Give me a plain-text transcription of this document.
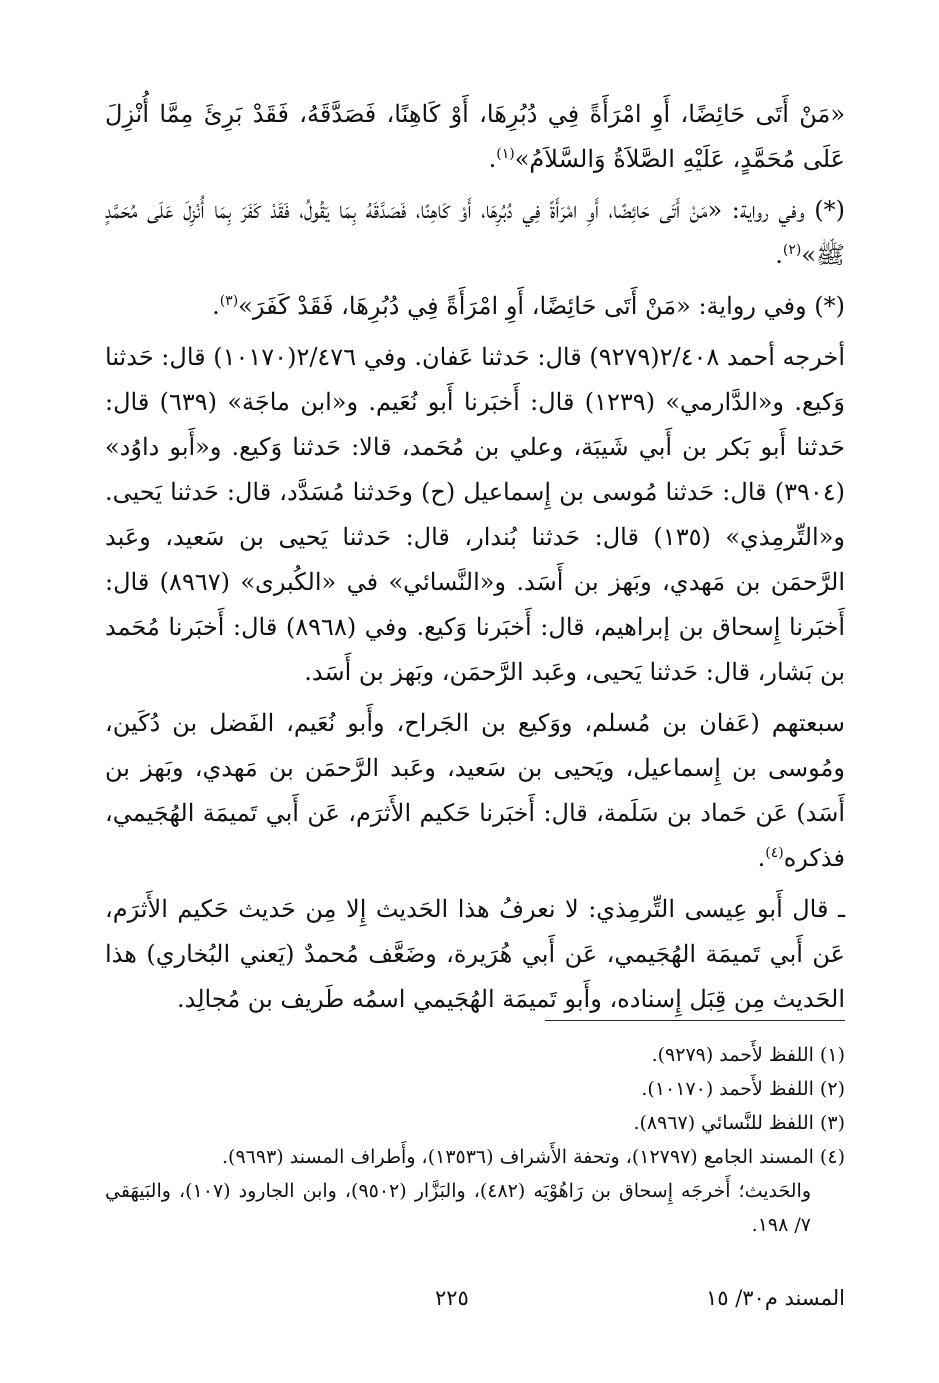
«مَنْ أَتَى حَائِضًا، أَوِ امْرَأَةً فِي دُبُرِهَا، أَوْ كَاهِنًا، فَصَدَّقَهُ، فَقَدْ بَرِئَ مِمَّا أُنْزِلَ عَلَى مُحَمَّدٍ، عَلَيْهِ الصَّلاَةُ وَالسَّلاَمُ»$^{(١)}$.

(*) وفي رواية: «مَنْ أَتَى حَائِضًا، أَوِ امْرَأَةً فِي دُبُرِهَا، أَوْ كَاهِنًا، فَصَدَّقَهُ بِمَا يَقُولُ، فَقَدْ كَفَرَ بِمَا أُنْزِلَ عَلَى مُحَمَّدٍ ﷺ»$^{(٢)}$.

(*) وفي رواية: «مَنْ أَتَى حَائِضًا، أَوِ امْرَأَةً فِي دُبُرِهَا، فَقَدْ كَفَرَ»$^{(٣)}$.

أخرجه أحمد ٢/٤٠٨(٩٢٧٩) قال: حَدثنا عَفان. وفي ٢/٤٧٦(١٠١٧٠) قال: حَدثنا وَكيع. و«الدَّارمي» (١٢٣٩) قال: أَخبَرنا أَبو نُعَيم. و«ابن ماجَة» (٦٣٩) قال: حَدثنا أَبو بَكر بن أَبي شَيبَة، وعلي بن مُحَمد، قالا: حَدثنا وَكيع. و«أَبو داوُد» (٣٩٠٤) قال: حَدثنا مُوسى بن إِسماعيل (ح) وحَدثنا مُسَدَّد، قال: حَدثنا يَحيى. و«التِّرمِذي» (١٣٥) قال: حَدثنا بُندار، قال: حَدثنا يَحيى بن سَعيد، وعَبد الرَّحمَن بن مَهدي، وبَهز بن أَسَد. و«النَّسائي» في «الكُبرى» (٨٩٦٧) قال: أَخبَرنا إِسحاق بن إبراهيم، قال: أَخبَرنا وَكيع. وفي (٨٩٦٨) قال: أَخبَرنا مُحَمد بن بَشار، قال: حَدثنا يَحيى، وعَبد الرَّحمَن، وبَهز بن أَسَد.

سبعتهم (عَفان بن مُسلم، ووَكيع بن الجَراح، وأَبو نُعَيم، الفَضل بن دُكَين، ومُوسى بن إِسماعيل، ويَحيى بن سَعيد، وعَبد الرَّحمَن بن مَهدي، وبَهز بن أَسَد) عَن حَماد بن سَلَمة، قال: أَخبَرنا حَكيم الأَثرَم، عَن أَبي تَميمَة الهُجَيمي، فذكره$^{(٤)}$.

ـ قال أَبو عِيسى التِّرمِذي: لا نعرفُ هذا الحَديث إِلا مِن حَديث حَكيم الأَثرَم، عَن أَبي تَميمَة الهُجَيمي، عَن أَبي هُرَيرة، وضَعَّف مُحمدٌ (يَعني البُخاري) هذا الحَديث مِن قِبَل إِسناده، وأَبو تَميمَة الهُجَيمي اسمُه طَريف بن مُجالِد.

(١) اللفظ لأَحمد (٩٢٧٩).

(٢) اللفظ لأَحمد (١٠١٧٠).

(٣) اللفظ للنَّسائي (٨٩٦٧).

(٤) المسند الجامع (١٢٧٩٧)، وتحفة الأَشراف (١٣٥٣٦)، وأَطراف المسند (٩٦٩٣).

والحَديث؛ أَخرجَه إِسحاق بن رَاهُوْيَه (٤٨٢)، والبَزَّار (٩٥٠٢)، وابن الجارود (١٠٧)، والبَيهَقي ٧/ ١٩٨.

المسند م٣٠/ ١٥
٢٢٥
